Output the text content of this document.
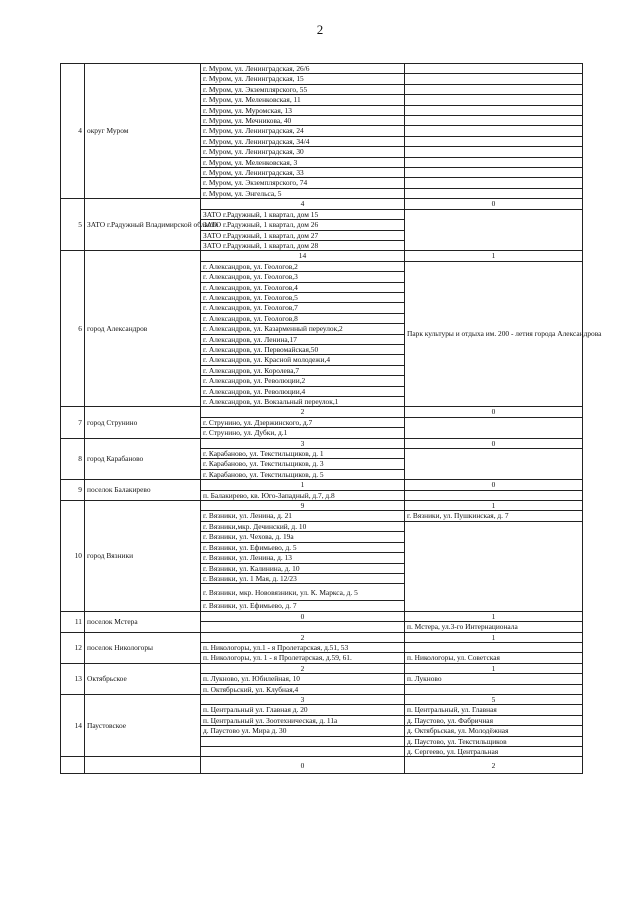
2
4	округ Муром	г. Муром, ул. Ленинградская, 26/6	
		г. Муром, ул. Ленинградская, 15	
		г. Муром, ул. Экземплярского, 55	
		г. Муром, ул. Меленковская, 11	
		г. Муром, ул. Муромская, 13	
		г. Муром, ул. Мечникова, 40	
		г. Муром, ул. Ленинградская, 24	
		г. Муром, ул. Ленинградская, 34/4	
		г. Муром, ул. Ленинградская, 30	
		г. Муром, ул. Меленковская, 3	
		г. Муром, ул. Ленинградская, 33	
		г. Муром, ул. Экземплярского, 74	
		г. Муром, ул. Энгельса, 5	
5	ЗАТО г.Радужный Владимирской области	4	0
		ЗАТО г.Радужный, 1 квартал, дом 15	
		ЗАТО г.Радужный, 1 квартал, дом 26	
		ЗАТО г.Радужный, 1 квартал, дом 27	
		ЗАТО г.Радужный, 1 квартал, дом 28	
6	город Александров	14	1
		г. Александров, ул. Геологов,2	Парк культуры и отдыха им. 200 - летия города Александрова
		г. Александров, ул. Геологов,3	
		г. Александров, ул. Геологов,4	
		г. Александров, ул. Геологов,5	
		г. Александров, ул. Геологов,7	
		г. Александров, ул. Геологов,8	
		г. Александров, ул. Казарменный переулок,2	
		г. Александров, ул. Ленина,17	
		г. Александров, ул. Первомайская,50	
		г. Александров, ул. Красной молодежи,4	
		г. Александров, ул. Королева,7	
		г. Александров, ул. Революции,2	
		г. Александров, ул. Революции,4	
		г. Александров, ул. Вокзальный переулок,1	
7	город Струнино	2	0
		г. Струнино, ул. Дзержинского, д.7	
		г. Струнино, ул. Дубки, д.1	
8	город Карабаново	3	0
		г. Карабаново, ул. Текстильщиков, д. 1	
		г. Карабаново, ул. Текстильщиков, д. 3	
		г. Карабаново, ул. Текстильщиков, д. 5	
9	поселок Балакирево	1	0
		п. Балакирево, кв. Юго-Западный, д.7, д.8	
10	город Вязники	9	1
		г. Вязники, ул. Ленина, д. 21	г. Вязники, ул. Пушкинская, д. 7
		г. Вязники,мкр. Дечинский, д. 10	
		г. Вязники, ул. Чехова, д. 19а	
		г. Вязники, ул. Ефимьево, д. 5	
		г. Вязники, ул. Ленина, д. 13	
		г. Вязники, ул. Калинина, д. 10	
		г. Вязники, ул. 1 Мая, д. 12/23	
		г. Вязники, мкр. Нововязники, ул. К. Маркса, д. 5	
		г. Вязники, ул. Ефимьево, д. 7	
11	поселок Мстера	0	1
			п. Мстера, ул.3-го Интернационала
12	поселок Никологоры	2	1
		п. Никологоры, ул.1 - я Пролетарская, д.51, 53	
		п. Никологоры, ул. 1 - я Пролетарская, д.59, 61.	п. Никологоры, ул. Советская
13	Октябрьское	2	1
		п. Лукново, ул. Юбилейная, 10	п. Лукново
		п. Октябрьский, ул. Клубная,4	
14	Паустовское	3	5
		п. Центральный ул. Главная д. 20	п. Центральный, ул. Главная
		п. Центральный ул. Зоотехническая, д. 11а	д. Паустово, ул. Фабричная
		д. Паустово ул. Мира д. 30	д. Октябрьская, ул. Молодёжная
			д. Паустово, ул. Текстильщиков
			д. Сергеево, ул. Центральная
		0	2
